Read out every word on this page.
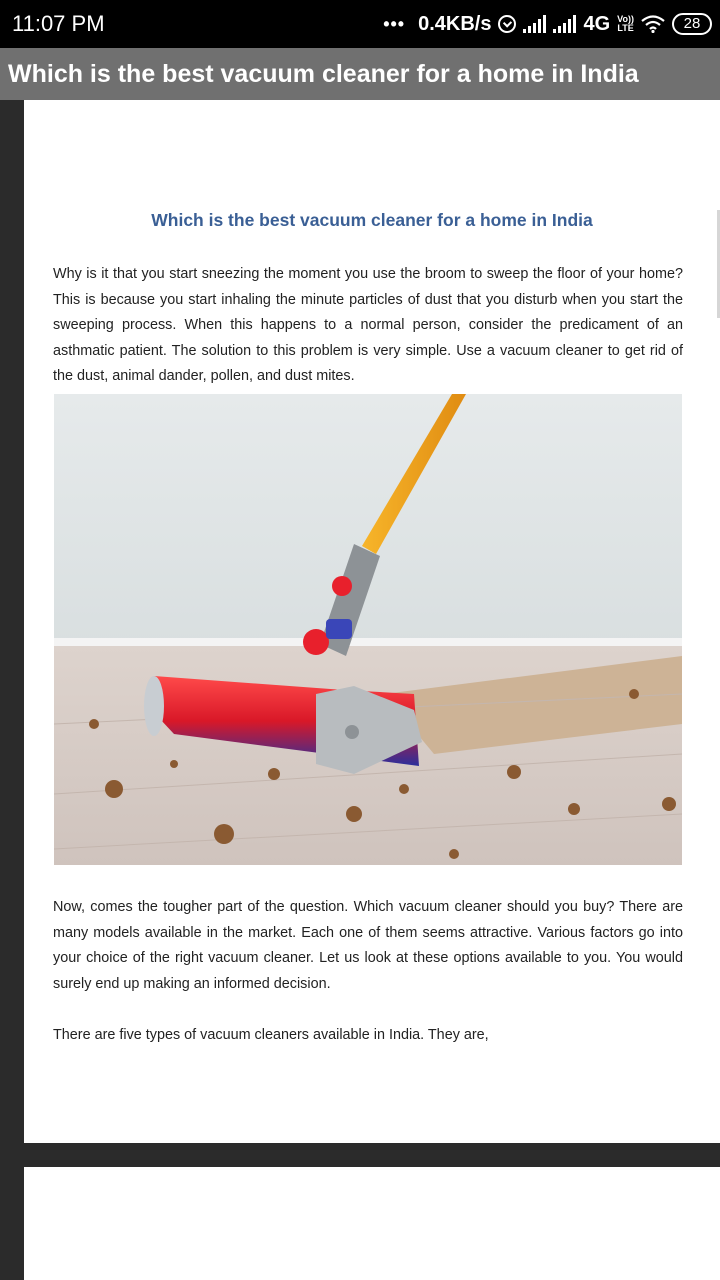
11:07 PM	••• 0.4KB/s	4G Vo))
LTE	28
Which is the best vacuum cleaner for a home in India
Which is the best vacuum cleaner for a home in India
Why is it that you start sneezing the moment you use the broom to sweep the floor of your home? This is because you start inhaling the minute particles of dust that you disturb when you start the sweeping process. When this happens to a normal person, consider the predicament of an asthmatic patient. The solution to this problem is very simple. Use a vacuum cleaner to get rid of the dust, animal dander, pollen, and dust mites.
Now, comes the tougher part of the question. Which vacuum cleaner should you buy? There are many models available in the market. Each one of them seems attractive. Various factors go into your choice of the right vacuum cleaner. Let us look at these options available to you. You would surely end up making an informed decision.
There are five types of vacuum cleaners available in India. They are,
